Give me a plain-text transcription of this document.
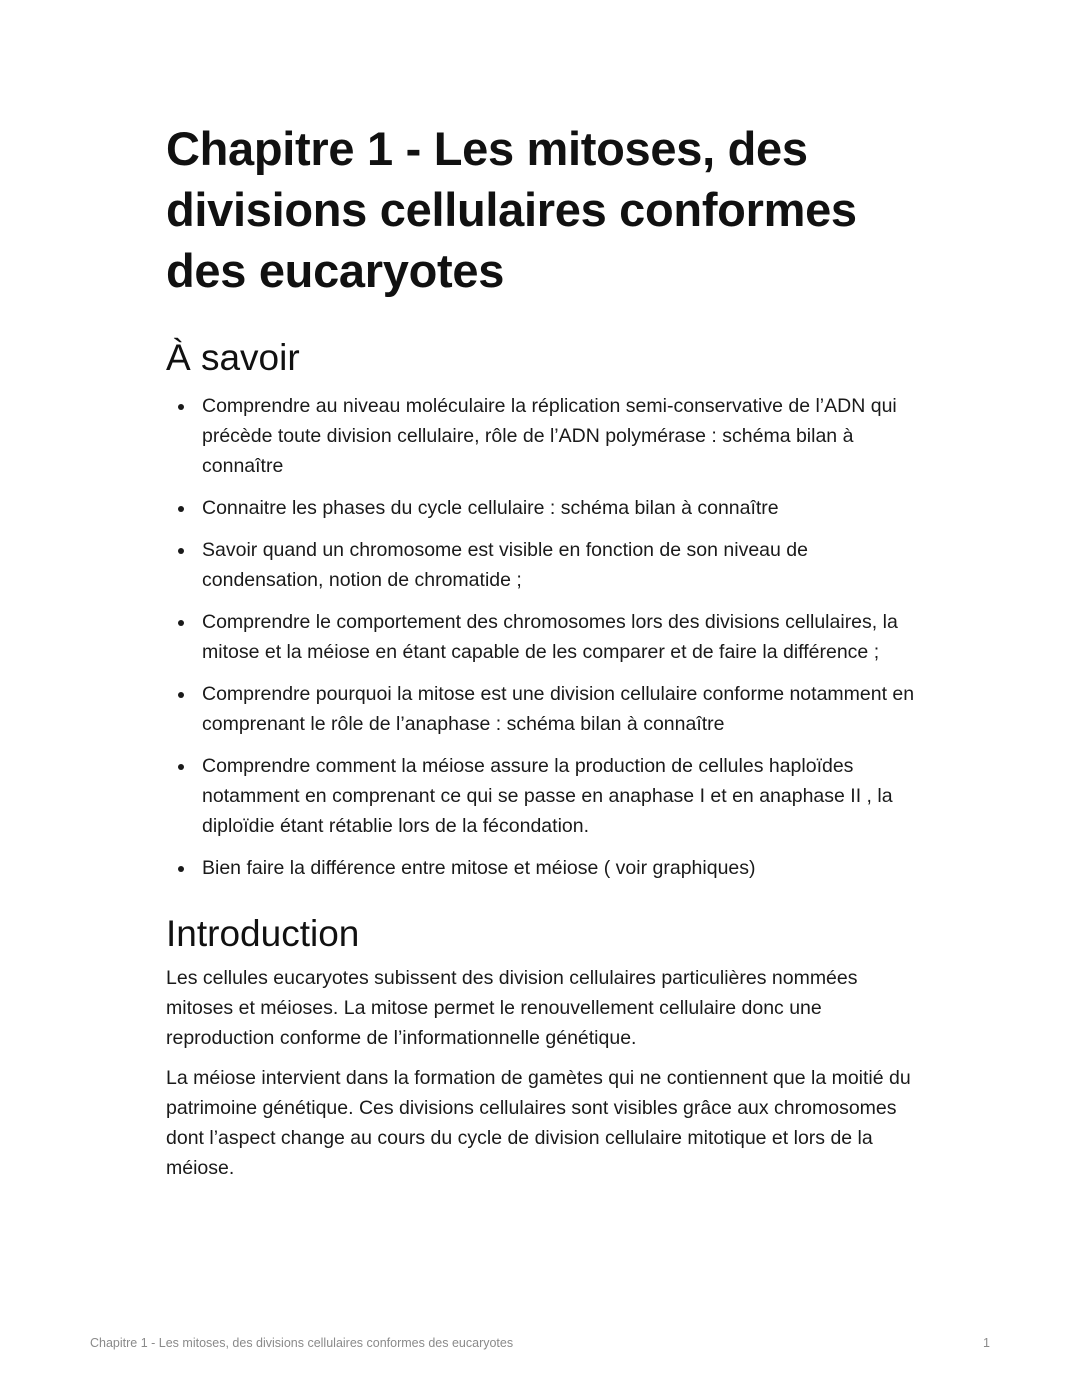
Chapitre 1 - Les mitoses, des divisions cellulaires conformes des eucaryotes
À savoir
Comprendre au niveau moléculaire la réplication semi-conservative de l’ADN qui précède toute division cellulaire, rôle de l’ADN polymérase : schéma bilan à connaître
Connaitre les phases du cycle cellulaire : schéma bilan à connaître
Savoir quand un chromosome est visible en fonction de son niveau de condensation, notion de chromatide ;
Comprendre le comportement des chromosomes lors des divisions cellulaires, la mitose et la méiose en étant capable de les comparer et de faire la différence ;
Comprendre pourquoi la mitose est une division cellulaire conforme notamment en comprenant le rôle de l’anaphase : schéma bilan à connaître
Comprendre comment la méiose assure la production de cellules haploïdes notamment en comprenant ce qui se passe en anaphase I et en anaphase II , la diploïdie étant rétablie lors de la fécondation.
Bien faire la différence entre mitose et méiose ( voir graphiques)
Introduction

Les cellules eucaryotes subissent des division cellulaires particulières nommées mitoses et méioses. La mitose permet le renouvellement cellulaire donc une reproduction conforme de l’informationnelle génétique.

La méiose intervient dans la formation de gamètes qui ne contiennent que la moitié du patrimoine génétique. Ces divisions cellulaires sont visibles grâce aux chromosomes dont l’aspect change au cours du cycle de division cellulaire mitotique et lors de la méiose.

Chapitre 1 - Les mitoses, des divisions cellulaires conformes des eucaryotes	1
